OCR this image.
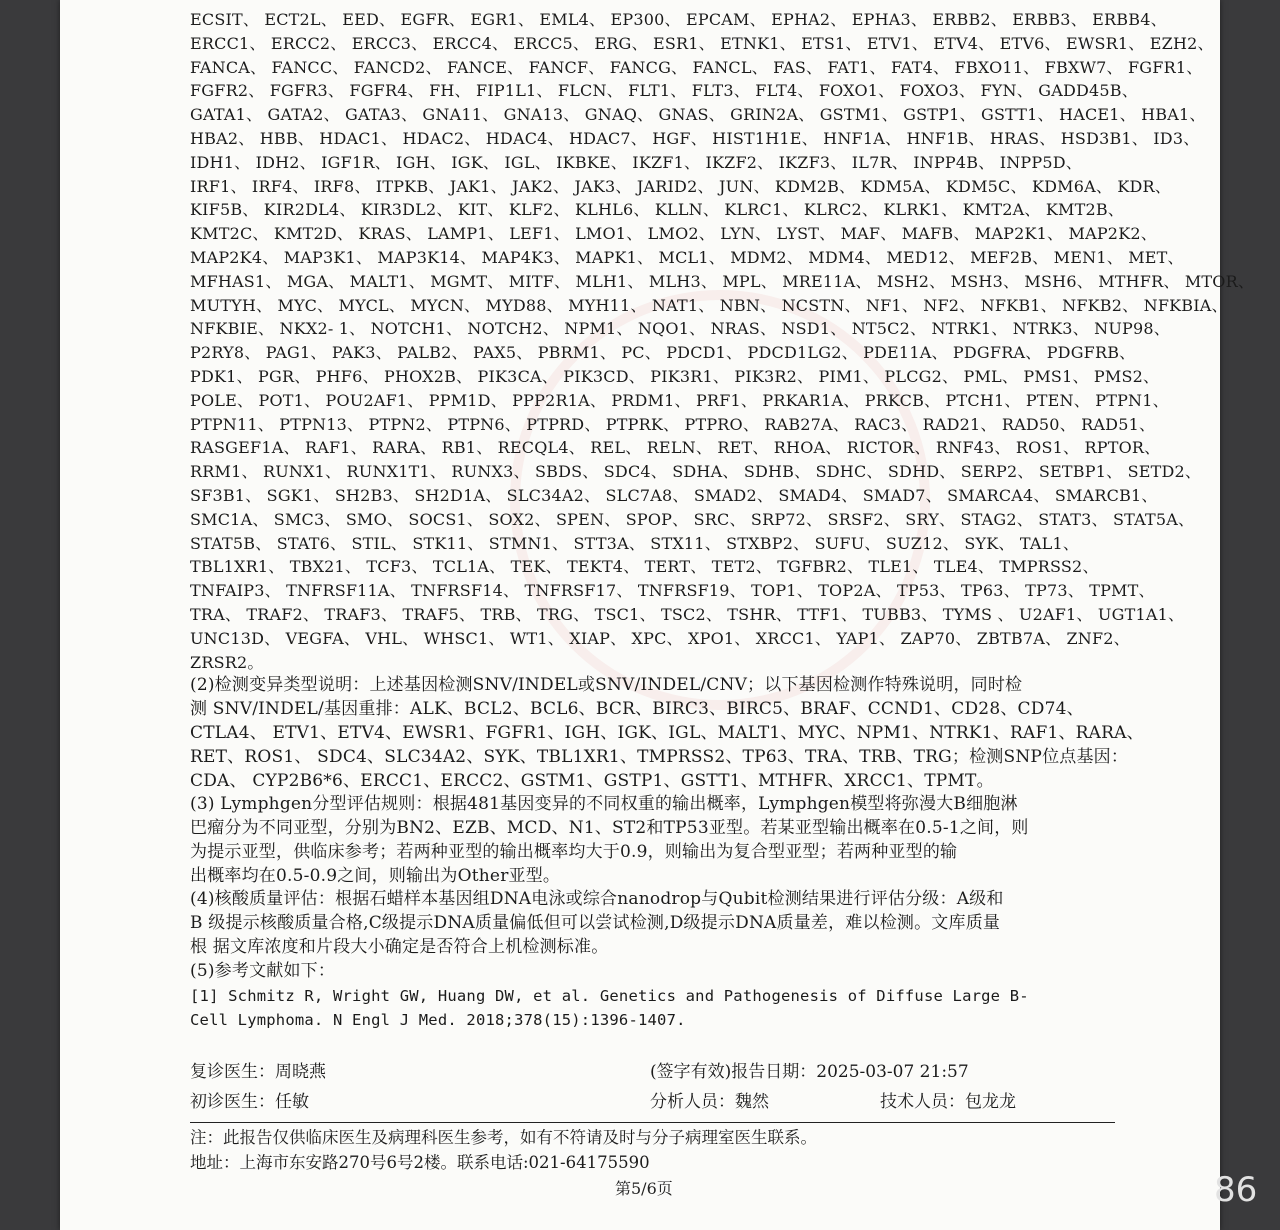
ECSIT、 ECT2L、 EED、 EGFR、 EGR1、 EML4、 EP300、 EPCAM、 EPHA2、 EPHA3、 ERBB2、 ERBB3、 ERBB4、
ERCC1、 ERCC2、 ERCC3、 ERCC4、 ERCC5、 ERG、 ESR1、 ETNK1、 ETS1、 ETV1、 ETV4、 ETV6、 EWSR1、 EZH2、
FANCA、 FANCC、 FANCD2、 FANCE、 FANCF、 FANCG、 FANCL、 FAS、 FAT1、 FAT4、 FBXO11、 FBXW7、 FGFR1、
FGFR2、 FGFR3、 FGFR4、 FH、 FIP1L1、 FLCN、 FLT1、 FLT3、 FLT4、 FOXO1、 FOXO3、 FYN、 GADD45B、
GATA1、 GATA2、 GATA3、 GNA11、 GNA13、 GNAQ、 GNAS、 GRIN2A、 GSTM1、 GSTP1、 GSTT1、 HACE1、 HBA1、
HBA2、 HBB、 HDAC1、 HDAC2、 HDAC4、 HDAC7、 HGF、 HIST1H1E、 HNF1A、 HNF1B、 HRAS、 HSD3B1、 ID3、
IDH1、 IDH2、 IGF1R、 IGH、 IGK、 IGL、 IKBKE、 IKZF1、 IKZF2、 IKZF3、 IL7R、 INPP4B、 INPP5D、
IRF1、 IRF4、 IRF8、 ITPKB、 JAK1、 JAK2、 JAK3、 JARID2、 JUN、 KDM2B、 KDM5A、 KDM5C、 KDM6A、 KDR、
KIF5B、 KIR2DL4、 KIR3DL2、 KIT、 KLF2、 KLHL6、 KLLN、 KLRC1、 KLRC2、 KLRK1、 KMT2A、 KMT2B、
KMT2C、 KMT2D、 KRAS、 LAMP1、 LEF1、 LMO1、 LMO2、 LYN、 LYST、 MAF、 MAFB、 MAP2K1、 MAP2K2、
MAP2K4、 MAP3K1、 MAP3K14、 MAP4K3、 MAPK1、 MCL1、 MDM2、 MDM4、 MED12、 MEF2B、 MEN1、 MET、
MFHAS1、 MGA、 MALT1、 MGMT、 MITF、 MLH1、 MLH3、 MPL、 MRE11A、 MSH2、 MSH3、 MSH6、 MTHFR、 MTOR、
MUTYH、 MYC、 MYCL、 MYCN、 MYD88、 MYH11、 NAT1、 NBN、 NCSTN、 NF1、 NF2、 NFKB1、 NFKB2、 NFKBIA、
NFKBIE、 NKX2- 1、 NOTCH1、 NOTCH2、 NPM1、 NQO1、 NRAS、 NSD1、 NT5C2、 NTRK1、 NTRK3、 NUP98、
P2RY8、 PAG1、 PAK3、 PALB2、 PAX5、 PBRM1、 PC、 PDCD1、 PDCD1LG2、 PDE11A、 PDGFRA、 PDGFRB、
PDK1、 PGR、 PHF6、 PHOX2B、 PIK3CA、 PIK3CD、 PIK3R1、 PIK3R2、 PIM1、 PLCG2、 PML、 PMS1、 PMS2、
POLE、 POT1、 POU2AF1、 PPM1D、 PPP2R1A、 PRDM1、 PRF1、 PRKAR1A、 PRKCB、 PTCH1、 PTEN、 PTPN1、
PTPN11、 PTPN13、 PTPN2、 PTPN6、 PTPRD、 PTPRK、 PTPRO、 RAB27A、 RAC3、 RAD21、 RAD50、 RAD51、
RASGEF1A、 RAF1、 RARA、 RB1、 RECQL4、 REL、 RELN、 RET、 RHOA、 RICTOR、 RNF43、 ROS1、 RPTOR、
RRM1、 RUNX1、 RUNX1T1、 RUNX3、 SBDS、 SDC4、 SDHA、 SDHB、 SDHC、 SDHD、 SERP2、 SETBP1、 SETD2、
SF3B1、 SGK1、 SH2B3、 SH2D1A、 SLC34A2、 SLC7A8、 SMAD2、 SMAD4、 SMAD7、 SMARCA4、 SMARCB1、
SMC1A、 SMC3、 SMO、 SOCS1、 SOX2、 SPEN、 SPOP、 SRC、 SRP72、 SRSF2、 SRY、 STAG2、 STAT3、 STAT5A、
STAT5B、 STAT6、 STIL、 STK11、 STMN1、 STT3A、 STX11、 STXBP2、 SUFU、 SUZ12、 SYK、 TAL1、
TBL1XR1、 TBX21、 TCF3、 TCL1A、 TEK、 TEKT4、 TERT、 TET2、 TGFBR2、 TLE1、 TLE4、 TMPRSS2、
TNFAIP3、 TNFRSF11A、 TNFRSF14、 TNFRSF17、 TNFRSF19、 TOP1、 TOP2A、 TP53、 TP63、 TP73、 TPMT、
TRA、 TRAF2、 TRAF3、 TRAF5、 TRB、 TRG、 TSC1、 TSC2、 TSHR、 TTF1、 TUBB3、 TYMS 、 U2AF1、 UGT1A1、
UNC13D、 VEGFA、 VHL、 WHSC1、 WT1、 XIAP、 XPC、 XPO1、 XRCC1、 YAP1、 ZAP70、 ZBTB7A、 ZNF2、
ZRSR2。
(2)检测变异类型说明：上述基因检测SNV/INDEL或SNV/INDEL/CNV；以下基因检测作特殊说明，同时检
测 SNV/INDEL/基因重排：ALK、BCL2、BCL6、BCR、BIRC3、BIRC5、BRAF、CCND1、CD28、CD74、
CTLA4、 ETV1、ETV4、EWSR1、FGFR1、IGH、IGK、IGL、MALT1、MYC、NPM1、NTRK1、RAF1、RARA、
RET、ROS1、 SDC4、SLC34A2、SYK、TBL1XR1、TMPRSS2、TP63、TRA、TRB、TRG；检测SNP位点基因：
CDA、 CYP2B6*6、ERCC1、ERCC2、GSTM1、GSTP1、GSTT1、MTHFR、XRCC1、TPMT。
(3) Lymphgen分型评估规则：根据481基因变异的不同权重的输出概率，Lymphgen模型将弥漫大B细胞淋
巴瘤分为不同亚型，分别为BN2、EZB、MCD、N1、ST2和TP53亚型。若某亚型输出概率在0.5-1之间，则
为提示亚型，供临床参考；若两种亚型的输出概率均大于0.9，则输出为复合型亚型；若两种亚型的输
出概率均在0.5-0.9之间，则输出为Other亚型。
(4)核酸质量评估：根据石蜡样本基因组DNA电泳或综合nanodrop与Qubit检测结果进行评估分级：A级和
B 级提示核酸质量合格,C级提示DNA质量偏低但可以尝试检测,D级提示DNA质量差，难以检测。文库质量
根 据文库浓度和片段大小确定是否符合上机检测标准。
(5)参考文献如下：
[1] Schmitz R, Wright GW, Huang DW, et al. Genetics and Pathogenesis of Diffuse Large B-
Cell Lymphoma. N Engl J Med. 2018;378(15):1396-1407.
复诊医生：周晓燕	(签字有效)报告日期：2025-03-07 21:57
初诊医生：任敏	分析人员：魏然	技术人员：包龙龙
注：此报告仅供临床医生及病理科医生参考，如有不符请及时与分子病理室医生联系。
地址：上海市东安路270号6号2楼。联系电话:021-64175590
第5/6页	86
